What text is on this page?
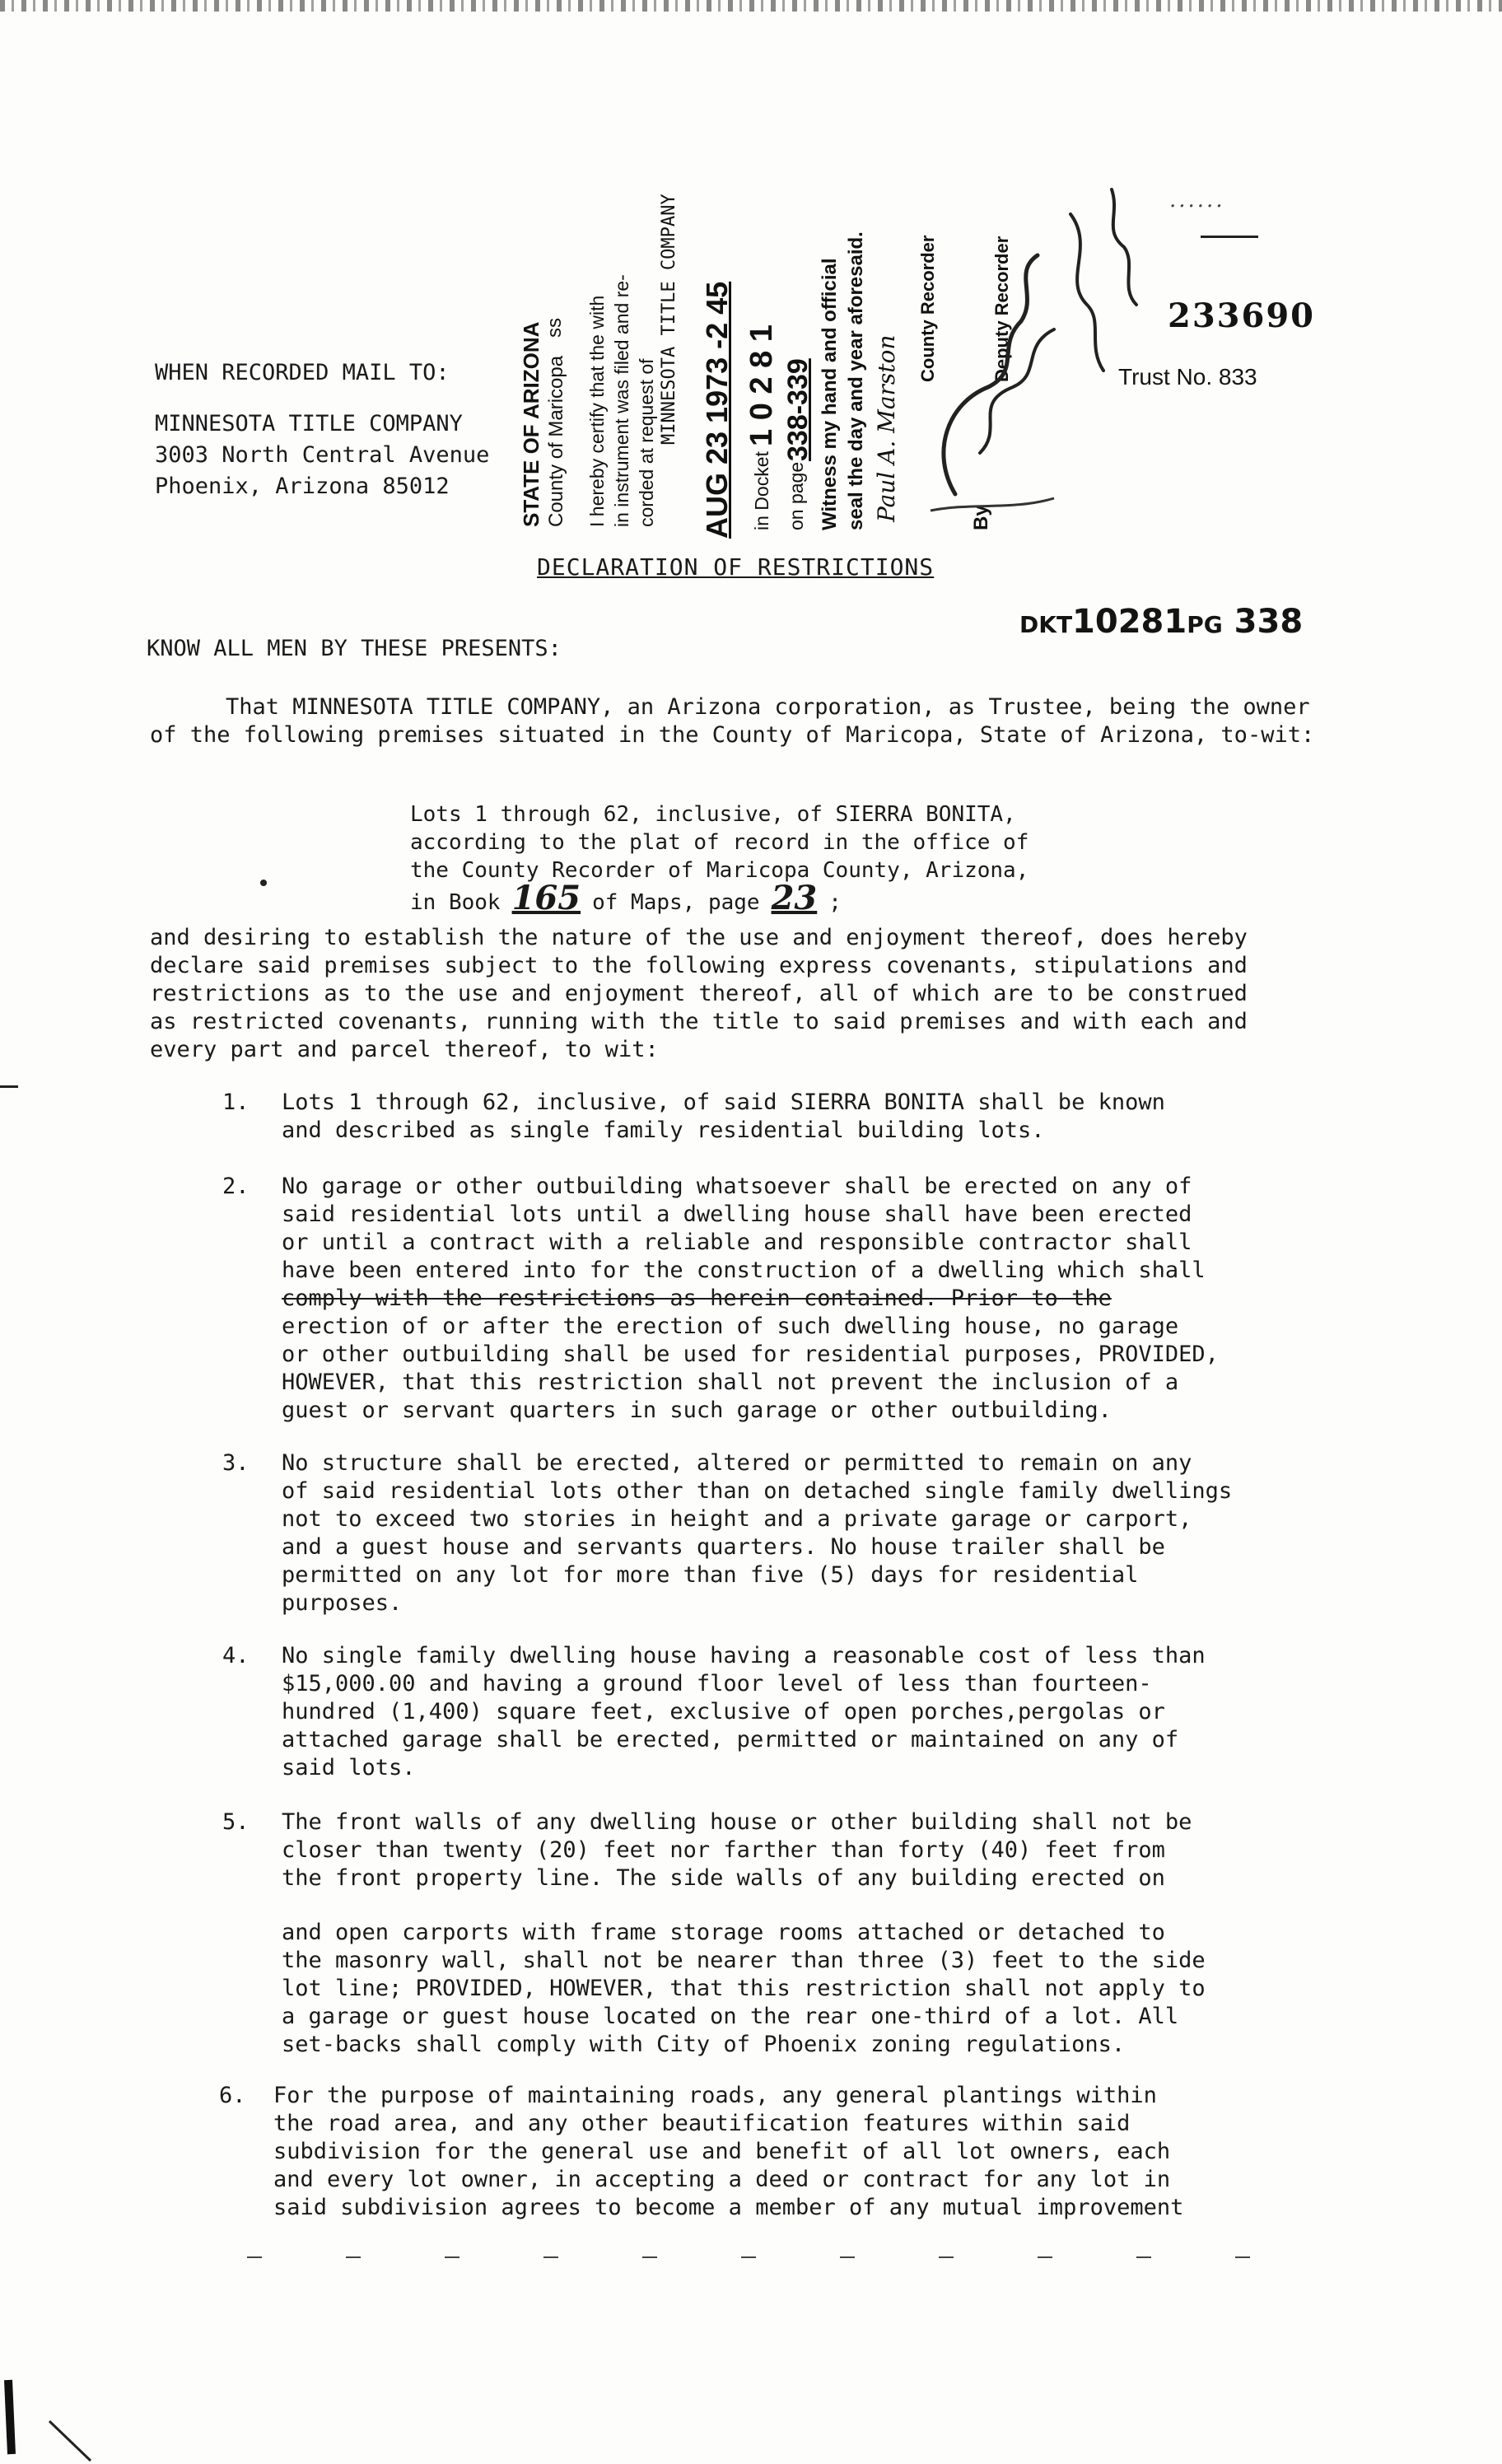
WHEN RECORDED MAIL TO:
MINNESOTA TITLE COMPANY
3003 North Central Avenue
Phoenix, Arizona 85012	STATE OF ARIZONA County of Maricopa
ss I hereby certify that the with in instrument was filed and re- corded at request of MINNESOTA TITLE COMPANY AUG 23 1973 -2 45 in Docket
1 0 2 8 1
on page
338-339 Witness my hand and official seal the day and year aforesaid. Paul A. Marston
County Recorder
By
Deputy Recorder
......
233690
Trust No. 833
DECLARATION OF RESTRICTIONS
DKT10281PG 338
KNOW ALL MEN BY THESE PRESENTS:

That MINNESOTA TITLE COMPANY, an Arizona corporation, as Trustee, being the owner

of the following premises situated in the County of Maricopa, State of Arizona, to-wit:

Lots 1 through 62, inclusive, of SIERRA BONITA,

according to the plat of record in the office of

the County Recorder of Maricopa County, Arizona,

in Book 165 of Maps, page 23 ;

and desiring to establish the nature of the use and enjoyment thereof, does hereby

declare said premises subject to the following express covenants, stipulations and

restrictions as to the use and enjoyment thereof, all of which are to be construed

as restricted covenants, running with the title to said premises and with each and

every part and parcel thereof, to wit:

1. Lots 1 through 62, inclusive, of said SIERRA BONITA shall be known

and described as single family residential building lots.

2. No garage or other outbuilding whatsoever shall be erected on any of

said residential lots until a dwelling house shall have been erected

or until a contract with a reliable and responsible contractor shall

have been entered into for the construction of a dwelling which shall

comply with the restrictions as herein contained. Prior to the

erection of or after the erection of such dwelling house, no garage

or other outbuilding shall be used for residential purposes, PROVIDED,

HOWEVER, that this restriction shall not prevent the inclusion of a

guest or servant quarters in such garage or other outbuilding.

3. No structure shall be erected, altered or permitted to remain on any

of said residential lots other than on detached single family dwellings

not to exceed two stories in height and a private garage or carport,

and a guest house and servants quarters. No house trailer shall be

permitted on any lot for more than five (5) days for residential

purposes.

4. No single family dwelling house having a reasonable cost of less than

$15,000.00 and having a ground floor level of less than fourteen-

hundred (1,400) square feet, exclusive of open porches,pergolas or

attached garage shall be erected, permitted or maintained on any of

said lots.

5. The front walls of any dwelling house or other building shall not be

closer than twenty (20) feet nor farther than forty (40) feet from

the front property line. The side walls of any building erected on

and open carports with frame storage rooms attached or detached to

the masonry wall, shall not be nearer than three (3) feet to the side

lot line; PROVIDED, HOWEVER, that this restriction shall not apply to

a garage or guest house located on the rear one-third of a lot. All

set-backs shall comply with City of Phoenix zoning regulations.

6. For the purpose of maintaining roads, any general plantings within

the road area, and any other beautification features within said

subdivision for the general use and benefit of all lot owners, each

and every lot owner, in accepting a deed or contract for any lot in

said subdivision agrees to become a member of any mutual improvement
